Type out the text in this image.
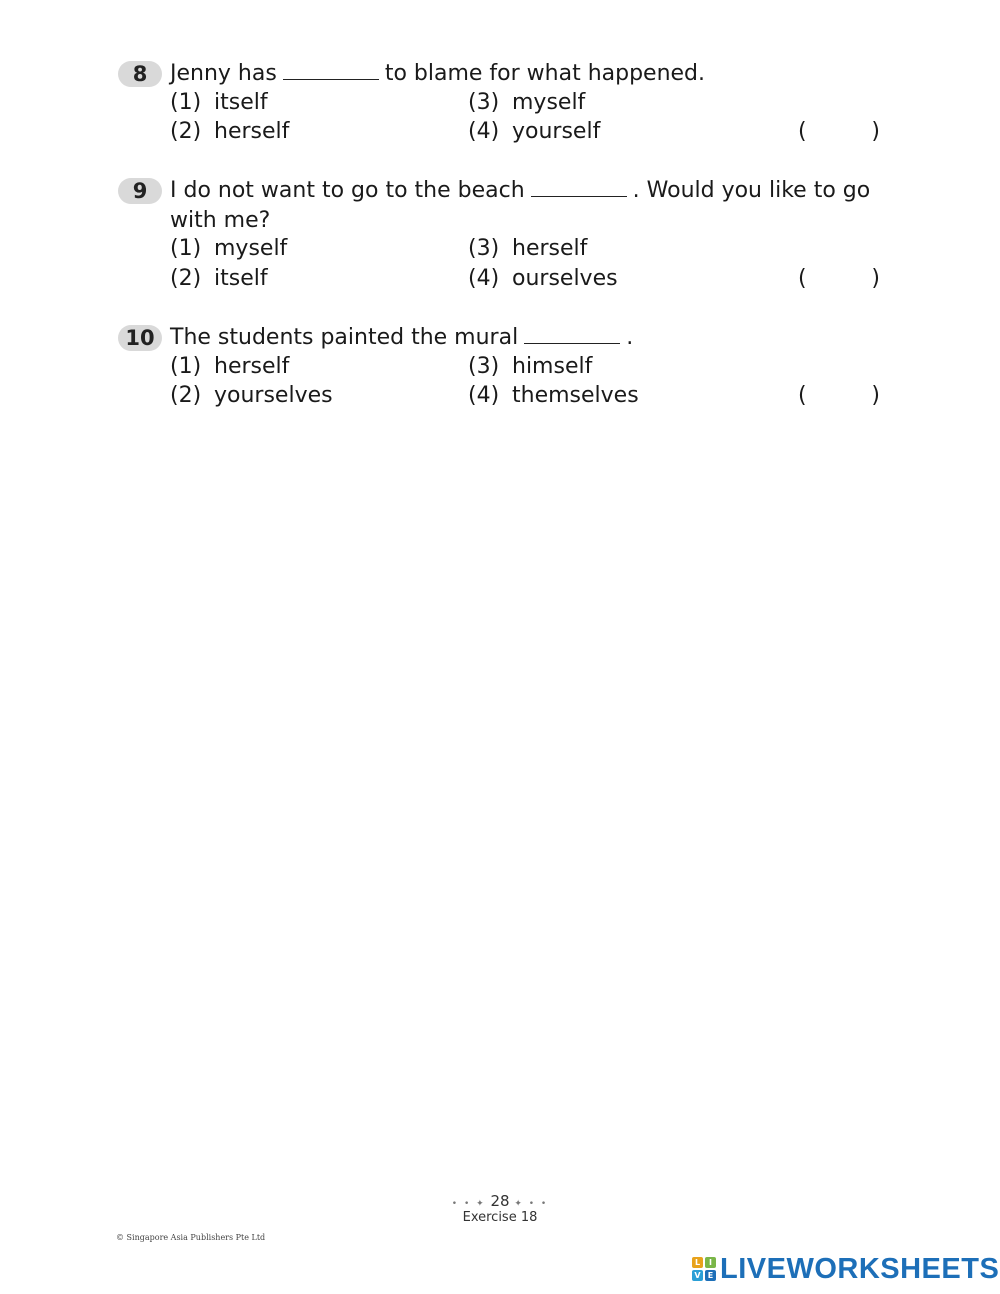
8	Jenny has	to blame for what happened.
(1) itself	(3) myself
(2) herself	(4) yourself	(	)
9	I do not want to go to the beach	. Would you like to go with me?
(1) myself	(3) herself
(2) itself	(4) ourselves	(	)
10 The students painted the mural	.
(1) herself	(3) himself
(2) yourselves	(4) themselves	(	)
• • ✦ 28 ✦ • •
Exercise 18
© Singapore Asia Publishers Pte Ltd
L	I
V E LIVEWORKSHEETS
